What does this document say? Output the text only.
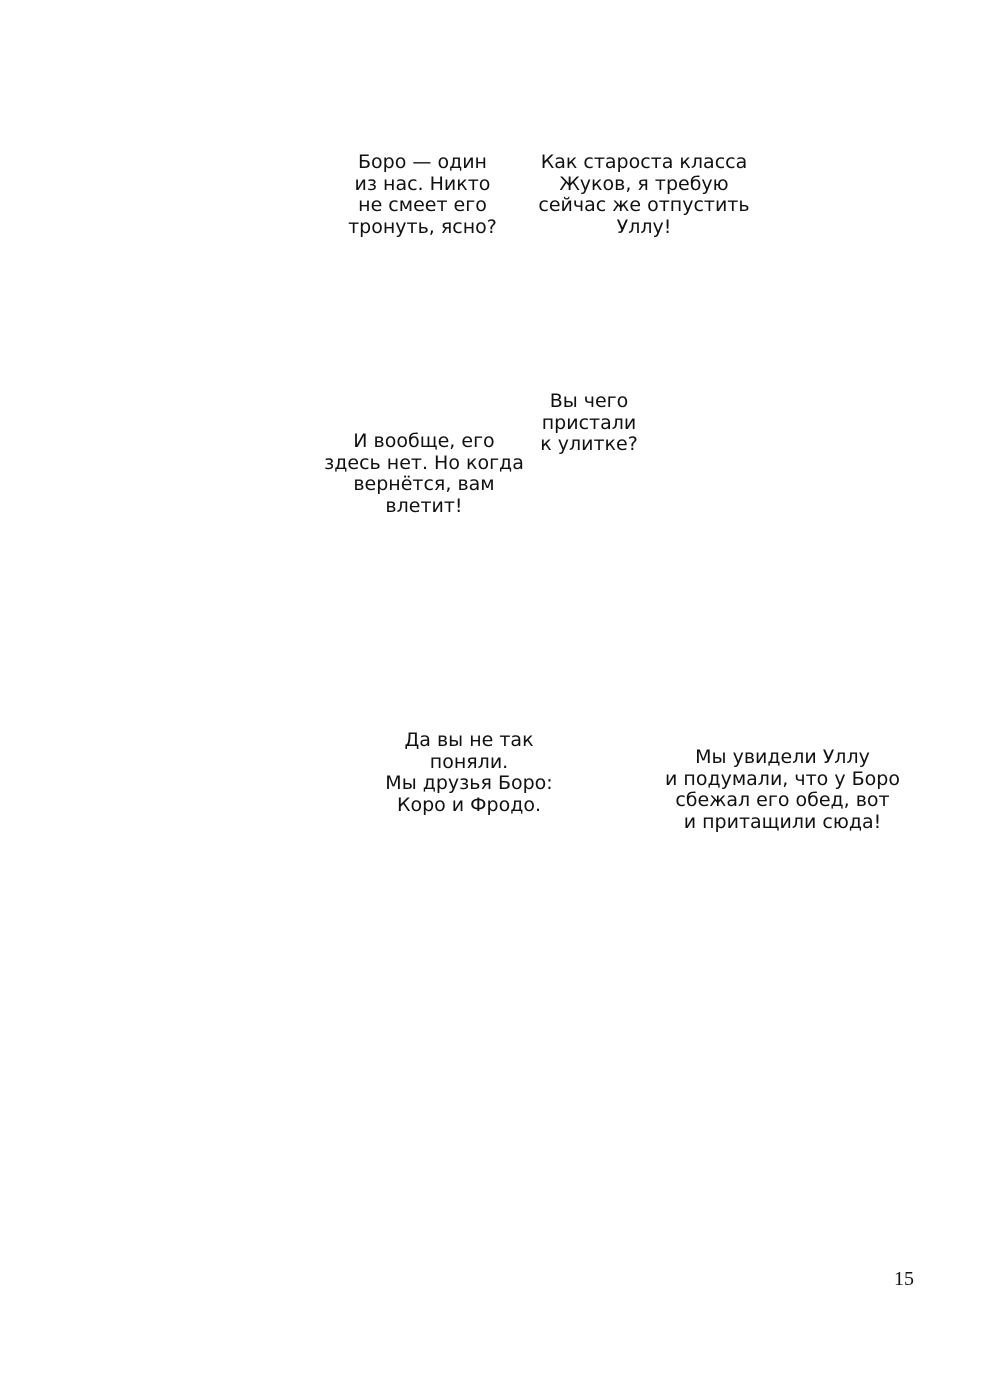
Боро — один
из нас. Никто
не смеет его
тронуть, ясно?
Как староста класса
Жуков, я требую
сейчас же отпустить
Уллу!
Вы чего
пристали
к улитке?
И вообще, его
здесь нет. Но когда
вернётся, вам
влетит!
Да вы не так
поняли.
Мы друзья Боро:
Коро и Фродо.
Мы увидели Уллу
и подумали, что у Боро
сбежал его обед, вот
и притащили сюда!
15
